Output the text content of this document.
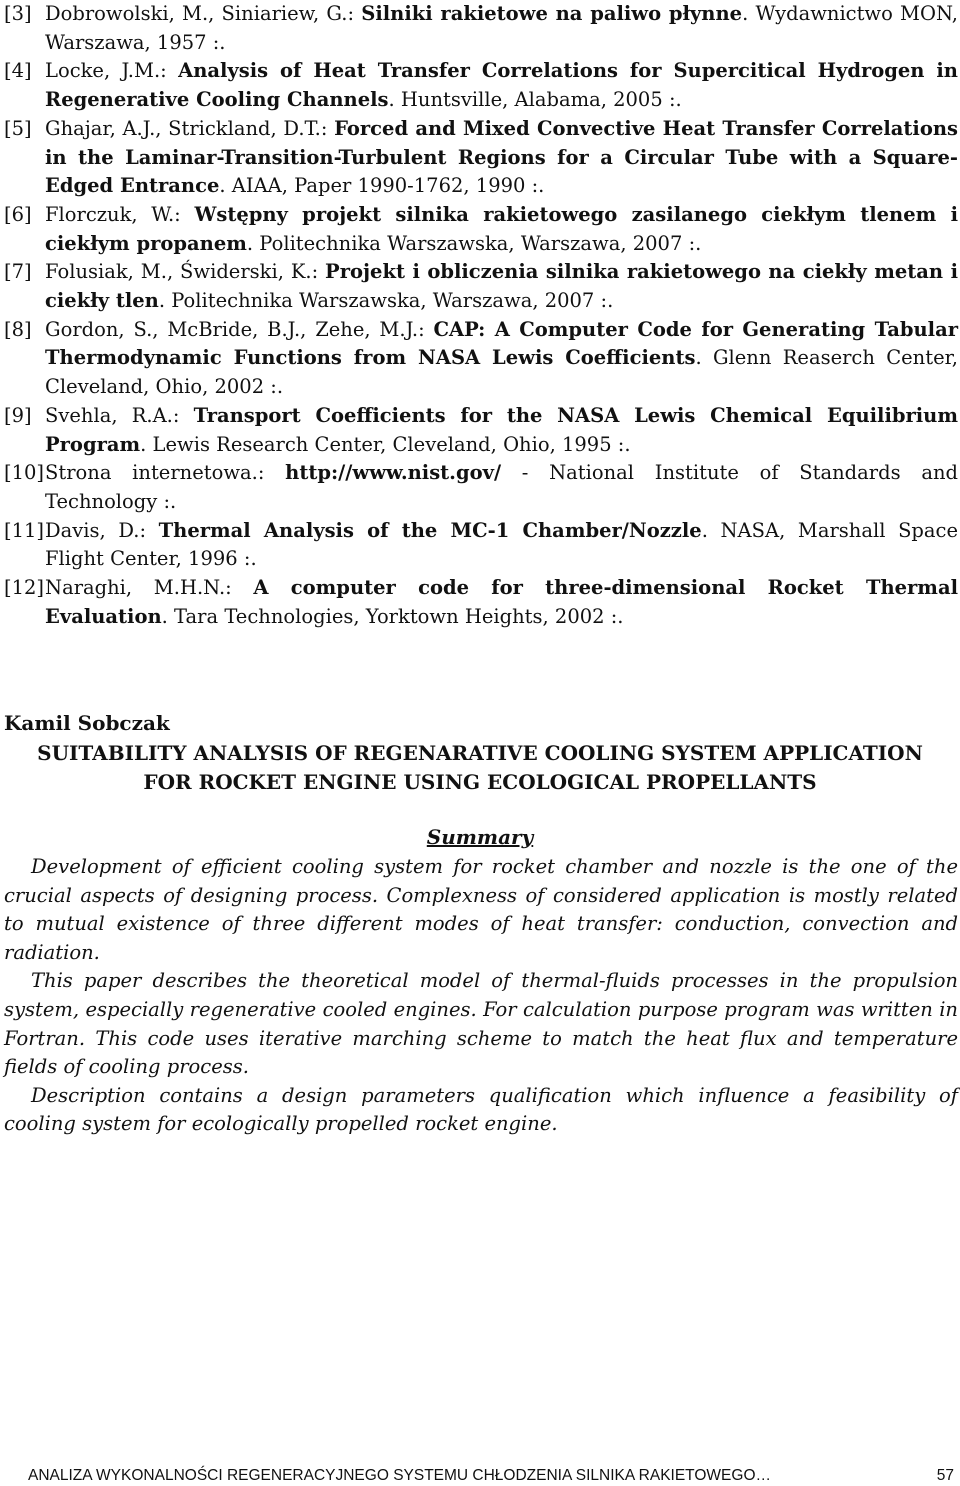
[3] Dobrowolski, M., Siniariew, G.: Silniki rakietowe na paliwo płynne. Wydawnictwo MON, Warszawa, 1957 :.
[4] Locke, J.M.: Analysis of Heat Transfer Correlations for Supercitical Hydrogen in Regenerative Cooling Channels. Huntsville, Alabama, 2005 :.
[5] Ghajar, A.J., Strickland, D.T.: Forced and Mixed Convective Heat Transfer Correlations in the Laminar-Transition-Turbulent Regions for a Circular Tube with a Square-Edged Entrance. AIAA, Paper 1990-1762, 1990 :.
[6] Florczuk, W.: Wstępny projekt silnika rakietowego zasilanego ciekłym tlenem i ciekłym propanem. Politechnika Warszawska, Warszawa, 2007 :.
[7] Folusiak, M., Świderski, K.: Projekt i obliczenia silnika rakietowego na ciekły metan i ciekły tlen. Politechnika Warszawska, Warszawa, 2007 :.
[8] Gordon, S., McBride, B.J., Zehe, M.J.: CAP: A Computer Code for Generating Tabular Thermodynamic Functions from NASA Lewis Coefficients. Glenn Reaserch Center, Cleveland, Ohio, 2002 :.
[9] Svehla, R.A.: Transport Coefficients for the NASA Lewis Chemical Equilibrium Program. Lewis Research Center, Cleveland, Ohio, 1995 :.
[10] Strona internetowa.: http://www.nist.gov/ - National Institute of Standards and Technology :.
[11] Davis, D.: Thermal Analysis of the MC-1 Chamber/Nozzle. NASA, Marshall Space Flight Center, 1996 :.
[12] Naraghi, M.H.N.: A computer code for three-dimensional Rocket Thermal Evaluation. Tara Technologies, Yorktown Heights, 2002 :.
Kamil Sobczak
SUITABILITY ANALYSIS OF REGENARATIVE COOLING SYSTEM APPLICATION
FOR ROCKET ENGINE USING ECOLOGICAL PROPELLANTS
Summary

Development of efficient cooling system for rocket chamber and nozzle is the one of the crucial aspects of designing process. Complexness of considered application is mostly related to mutual existence of three different modes of heat transfer: conduction, convection and radiation.

This paper describes the theoretical model of thermal-fluids processes in the propulsion system, especially regenerative cooled engines. For calculation purpose program was written in Fortran. This code uses iterative marching scheme to match the heat flux and temperature fields of cooling process.

Description contains a design parameters qualification which influence a feasibility of cooling system for ecologically propelled rocket engine.

ANALIZA WYKONALNOŚCI REGENERACYJNEGO SYSTEMU CHŁODZENIA SILNIKA RAKIETOWEGO…	57
